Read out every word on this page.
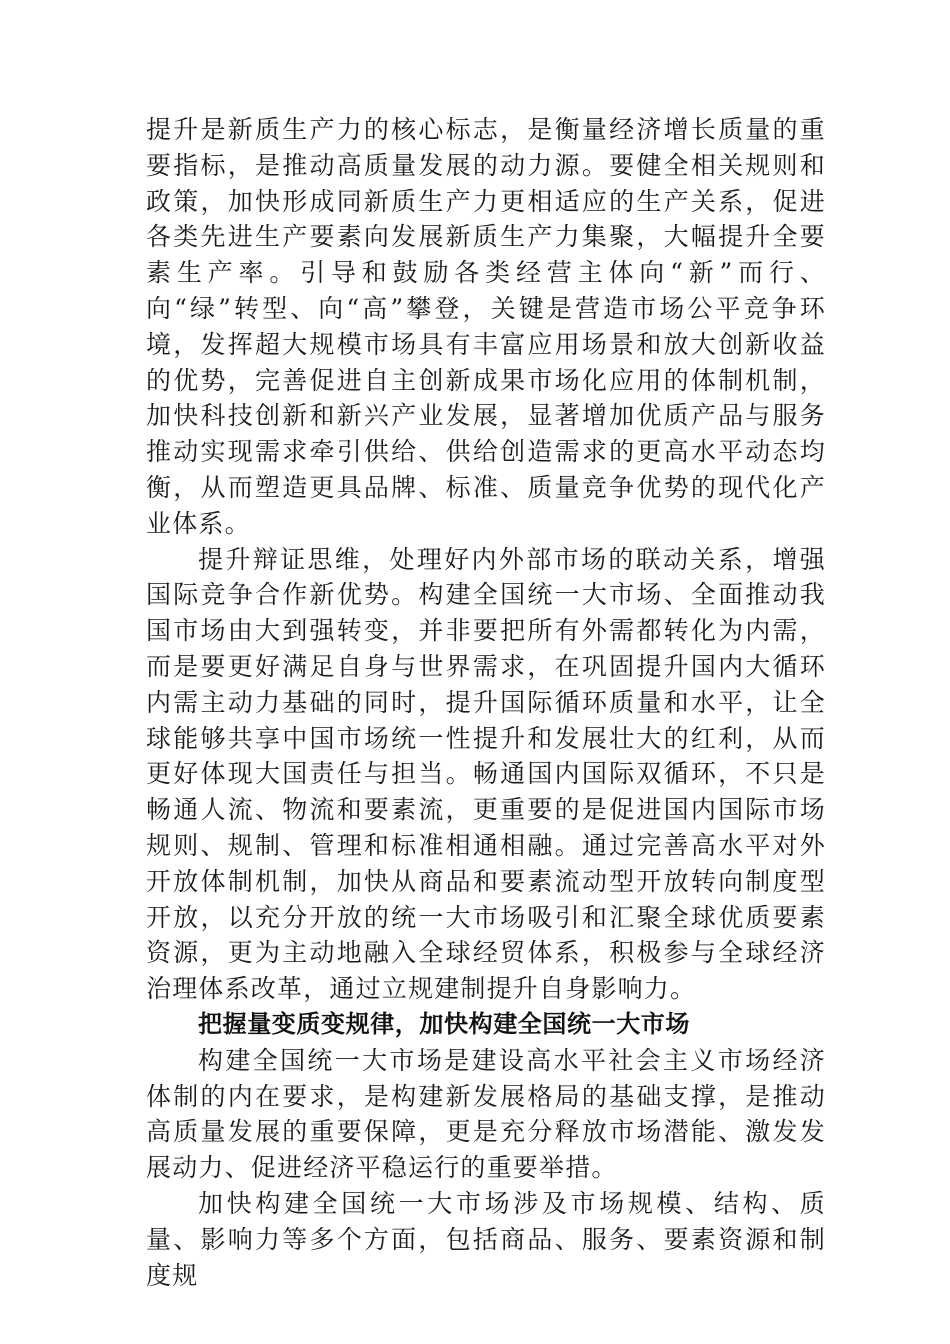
提升是新质生产力的核心标志，是衡量经济增长质量的重要指标，是推动高质量发展的动力源。要健全相关规则和政策，加快形成同新质生产力更相适应的生产关系，促进各类先进生产要素向发展新质生产力集聚，大幅提升全要素生产率。引导和鼓励各类经营主体向“新”而行、向“绿”转型、向“高”攀登，关键是营造市场公平竞争环境，发挥超大规模市场具有丰富应用场景和放大创新收益的优势，完善促进自主创新成果市场化应用的体制机制，加快科技创新和新兴产业发展，显著增加优质产品与服务推动实现需求牵引供给、供给创造需求的更高水平动态均衡，从而塑造更具品牌、标准、质量竞争优势的现代化产业体系。

提升辩证思维，处理好内外部市场的联动关系，增强国际竞争合作新优势。构建全国统一大市场、全面推动我国市场由大到强转变，并非要把所有外需都转化为内需，而是要更好满足自身与世界需求，在巩固提升国内大循环内需主动力基础的同时，提升国际循环质量和水平，让全球能够共享中国市场统一性提升和发展壮大的红利，从而更好体现大国责任与担当。畅通国内国际双循环，不只是畅通人流、物流和要素流，更重要的是促进国内国际市场规则、规制、管理和标准相通相融。通过完善高水平对外开放体制机制，加快从商品和要素流动型开放转向制度型开放，以充分开放的统一大市场吸引和汇聚全球优质要素资源，更为主动地融入全球经贸体系，积极参与全球经济治理体系改革，通过立规建制提升自身影响力。

把握量变质变规律，加快构建全国统一大市场

构建全国统一大市场是建设高水平社会主义市场经济体制的内在要求，是构建新发展格局的基础支撑，是推动高质量发展的重要保障，更是充分释放市场潜能、激发发展动力、促进经济平稳运行的重要举措。

加快构建全国统一大市场涉及市场规模、结构、质量、影响力等多个方面，包括商品、服务、要素资源和制度规
